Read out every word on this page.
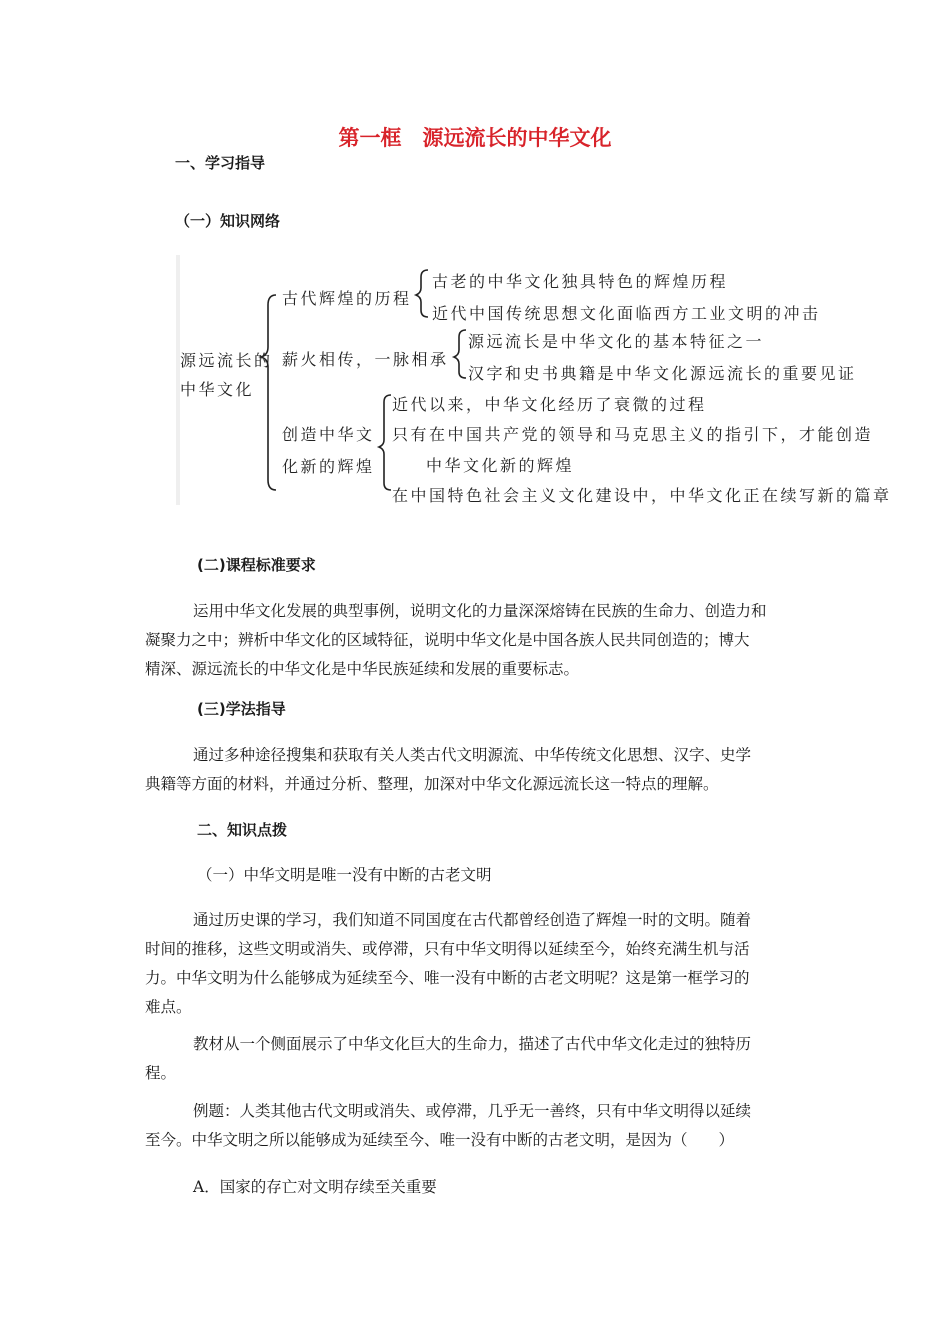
第一框　源远流长的中华文化
一、学习指导
（一）知识网络
源远流长的
中华文化
古代辉煌的历程
古老的中华文化独具特色的辉煌历程
近代中国传统思想文化面临西方工业文明的冲击
薪火相传，一脉相承
源远流长是中华文化的基本特征之一
汉字和史书典籍是中华文化源远流长的重要见证
创造中华文
化新的辉煌
近代以来，中华文化经历了衰微的过程
只有在中国共产党的领导和马克思主义的指引下，才能创造
中华文化新的辉煌
在中国特色社会主义文化建设中，中华文化正在续写新的篇章
(二)课程标准要求
运用中华文化发展的典型事例，说明文化的力量深深熔铸在民族的生命力、创造力和
凝聚力之中；辨析中华文化的区域特征，说明中华文化是中国各族人民共同创造的；博大
精深、源远流长的中华文化是中华民族延续和发展的重要标志。
(三)学法指导
通过多种途径搜集和获取有关人类古代文明源流、中华传统文化思想、汉字、史学
典籍等方面的材料，并通过分析、整理，加深对中华文化源远流长这一特点的理解。
二、知识点拨
（一）中华文明是唯一没有中断的古老文明
通过历史课的学习，我们知道不同国度在古代都曾经创造了辉煌一时的文明。随着
时间的推移，这些文明或消失、或停滞，只有中华文明得以延续至今，始终充满生机与活
力。中华文明为什么能够成为延续至今、唯一没有中断的古老文明呢？这是第一框学习的
难点。
教材从一个侧面展示了中华文化巨大的生命力，描述了古代中华文化走过的独特历
程。
例题：人类其他古代文明或消失、或停滞，几乎无一善终，只有中华文明得以延续
至今。中华文明之所以能够成为延续至今、唯一没有中断的古老文明，是因为（　　）
A．国家的存亡对文明存续至关重要
